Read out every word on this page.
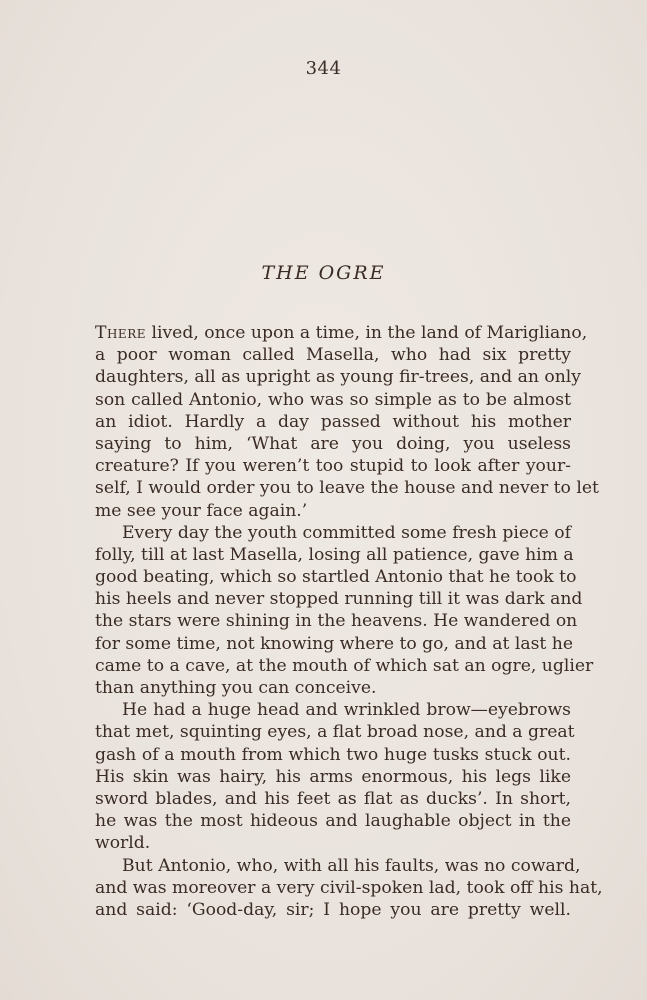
344
THE OGRE
There lived, once upon a time, in the land of Marigliano,
a poor woman called Masella, who had six pretty
daughters, all as upright as young fir-trees, and an only
son called Antonio, who was so simple as to be almost
an idiot. Hardly a day passed without his mother
saying to him, ‘What are you doing, you useless
creature? If you weren’t too stupid to look after your-
self, I would order you to leave the house and never to let
me see your face again.’
Every day the youth committed some fresh piece of
folly, till at last Masella, losing all patience, gave him a
good beating, which so startled Antonio that he took to
his heels and never stopped running till it was dark and
the stars were shining in the heavens. He wandered on
for some time, not knowing where to go, and at last he
came to a cave, at the mouth of which sat an ogre, uglier
than anything you can conceive.
He had a huge head and wrinkled brow—eyebrows
that met, squinting eyes, a flat broad nose, and a great
gash of a mouth from which two huge tusks stuck out.
His skin was hairy, his arms enormous, his legs like
sword blades, and his feet as flat as ducks’. In short,
he was the most hideous and laughable object in the
world.
But Antonio, who, with all his faults, was no coward,
and was moreover a very civil-spoken lad, took off his hat,
and said: ‘Good-day, sir; I hope you are pretty well.
